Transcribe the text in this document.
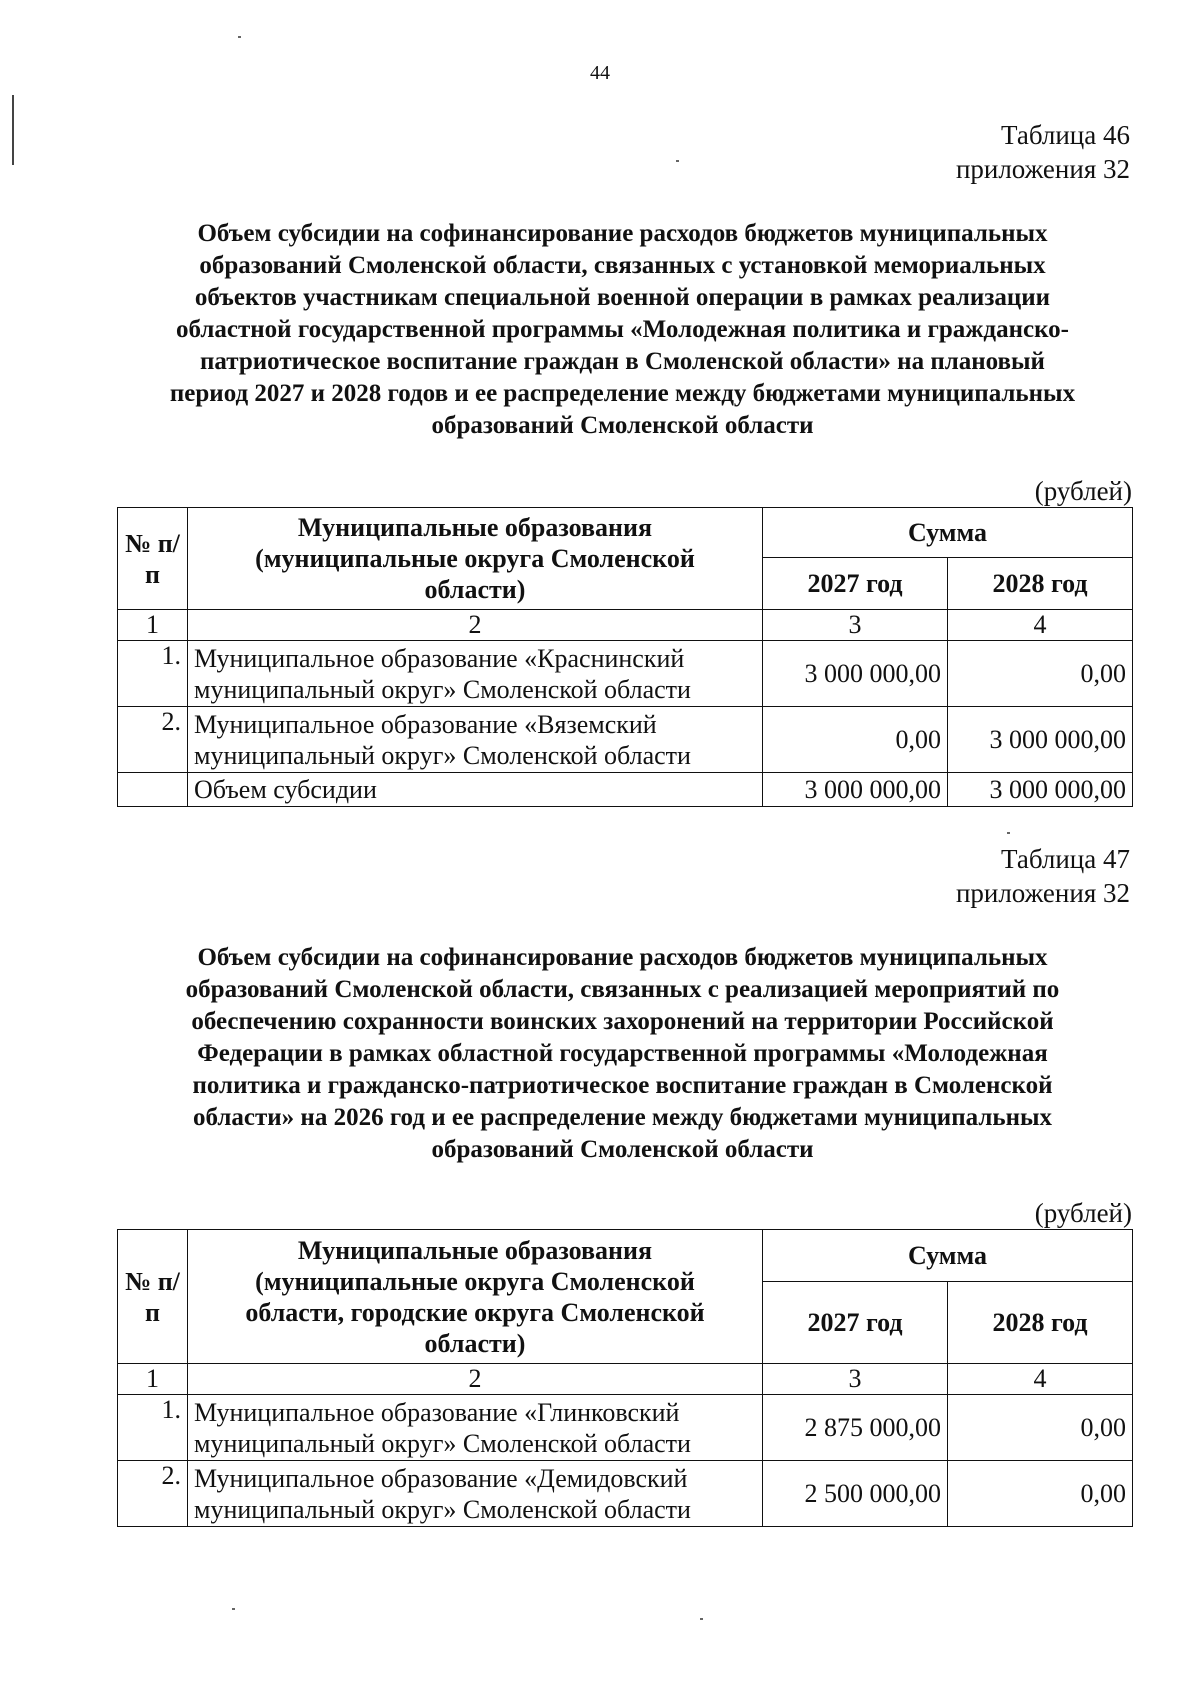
44
Таблица 46
приложения 32
Объем субсидии на софинансирование расходов бюджетов муниципальных
образований Смоленской области, связанных с установкой мемориальных
объектов участникам специальной военной операции в рамках реализации
областной государственной программы «Молодежная политика и гражданско-
патриотическое воспитание граждан в Смоленской области» на плановый
период 2027 и 2028 годов и ее распределение между бюджетами муниципальных
образований Смоленской области
(рублей)
№ п/п	Муниципальные образования
(муниципальные округа Смоленской
области)	Сумма	
		2027 год	2028 год
1	2	3	4
1.	Муниципальное образование «Краснинский
муниципальный округ» Смоленской области	3 000 000,00	0,00
2.	Муниципальное образование «Вяземский
муниципальный округ» Смоленской области	0,00	3 000 000,00
	Объем субсидии	3 000 000,00	3 000 000,00
Таблица 47
приложения 32
Объем субсидии на софинансирование расходов бюджетов муниципальных
образований Смоленской области, связанных с реализацией мероприятий по
обеспечению сохранности воинских захоронений на территории Российской
Федерации в рамках областной государственной программы «Молодежная
политика и гражданско-патриотическое воспитание граждан в Смоленской
области» на 2026 год и ее распределение между бюджетами муниципальных
образований Смоленской области
(рублей)
№ п/п	Муниципальные образования
(муниципальные округа Смоленской
области, городские округа Смоленской
области)	Сумма	
		2027 год	2028 год
1	2	3	4
1.	Муниципальное образование «Глинковский
муниципальный округ» Смоленской области	2 875 000,00	0,00
2.	Муниципальное образование «Демидовский
муниципальный округ» Смоленской области	2 500 000,00	0,00
